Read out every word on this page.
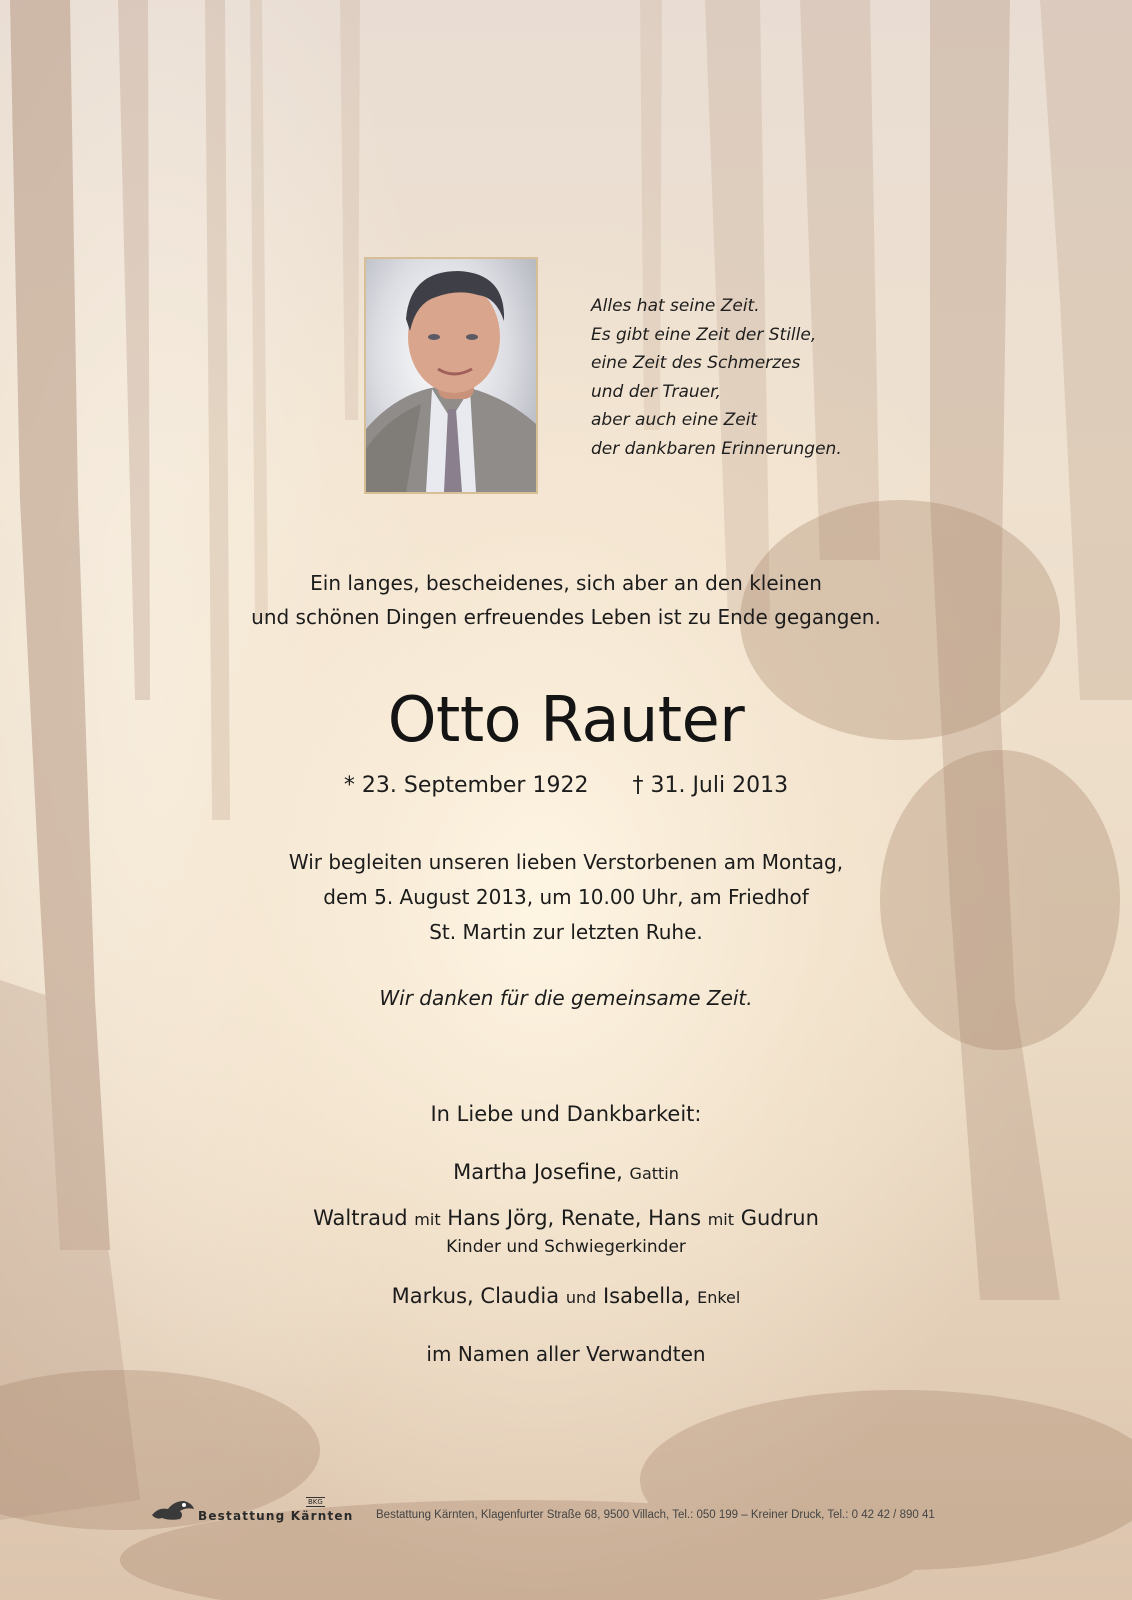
Alles hat seine Zeit.
Es gibt eine Zeit der Stille,
eine Zeit des Schmerzes
und der Trauer,
aber auch eine Zeit
der dankbaren Erinnerungen.
Ein langes, bescheidenes, sich aber an den kleinen
und schönen Dingen erfreuendes Leben ist zu Ende gegangen.
Otto Rauter
* 23. September 1922 † 31. Juli 2013
Wir begleiten unseren lieben Verstorbenen am Montag,
dem 5. August 2013, um 10.00 Uhr, am Friedhof
St. Martin zur letzten Ruhe.
Wir danken für die gemeinsame Zeit.
In Liebe und Dankbarkeit:
Martha Josefine, Gattin
Waltraud mit Hans Jörg, Renate, Hans mit Gudrun
Kinder und Schwiegerkinder
Markus, Claudia und Isabella, Enkel
im Namen aller Verwandten
BKG
Bestattung Kärnten Bestattung Kärnten, Klagenfurter Straße 68, 9500 Villach, Tel.: 050 199 – Kreiner Druck, Tel.: 0 42 42 / 890 41
